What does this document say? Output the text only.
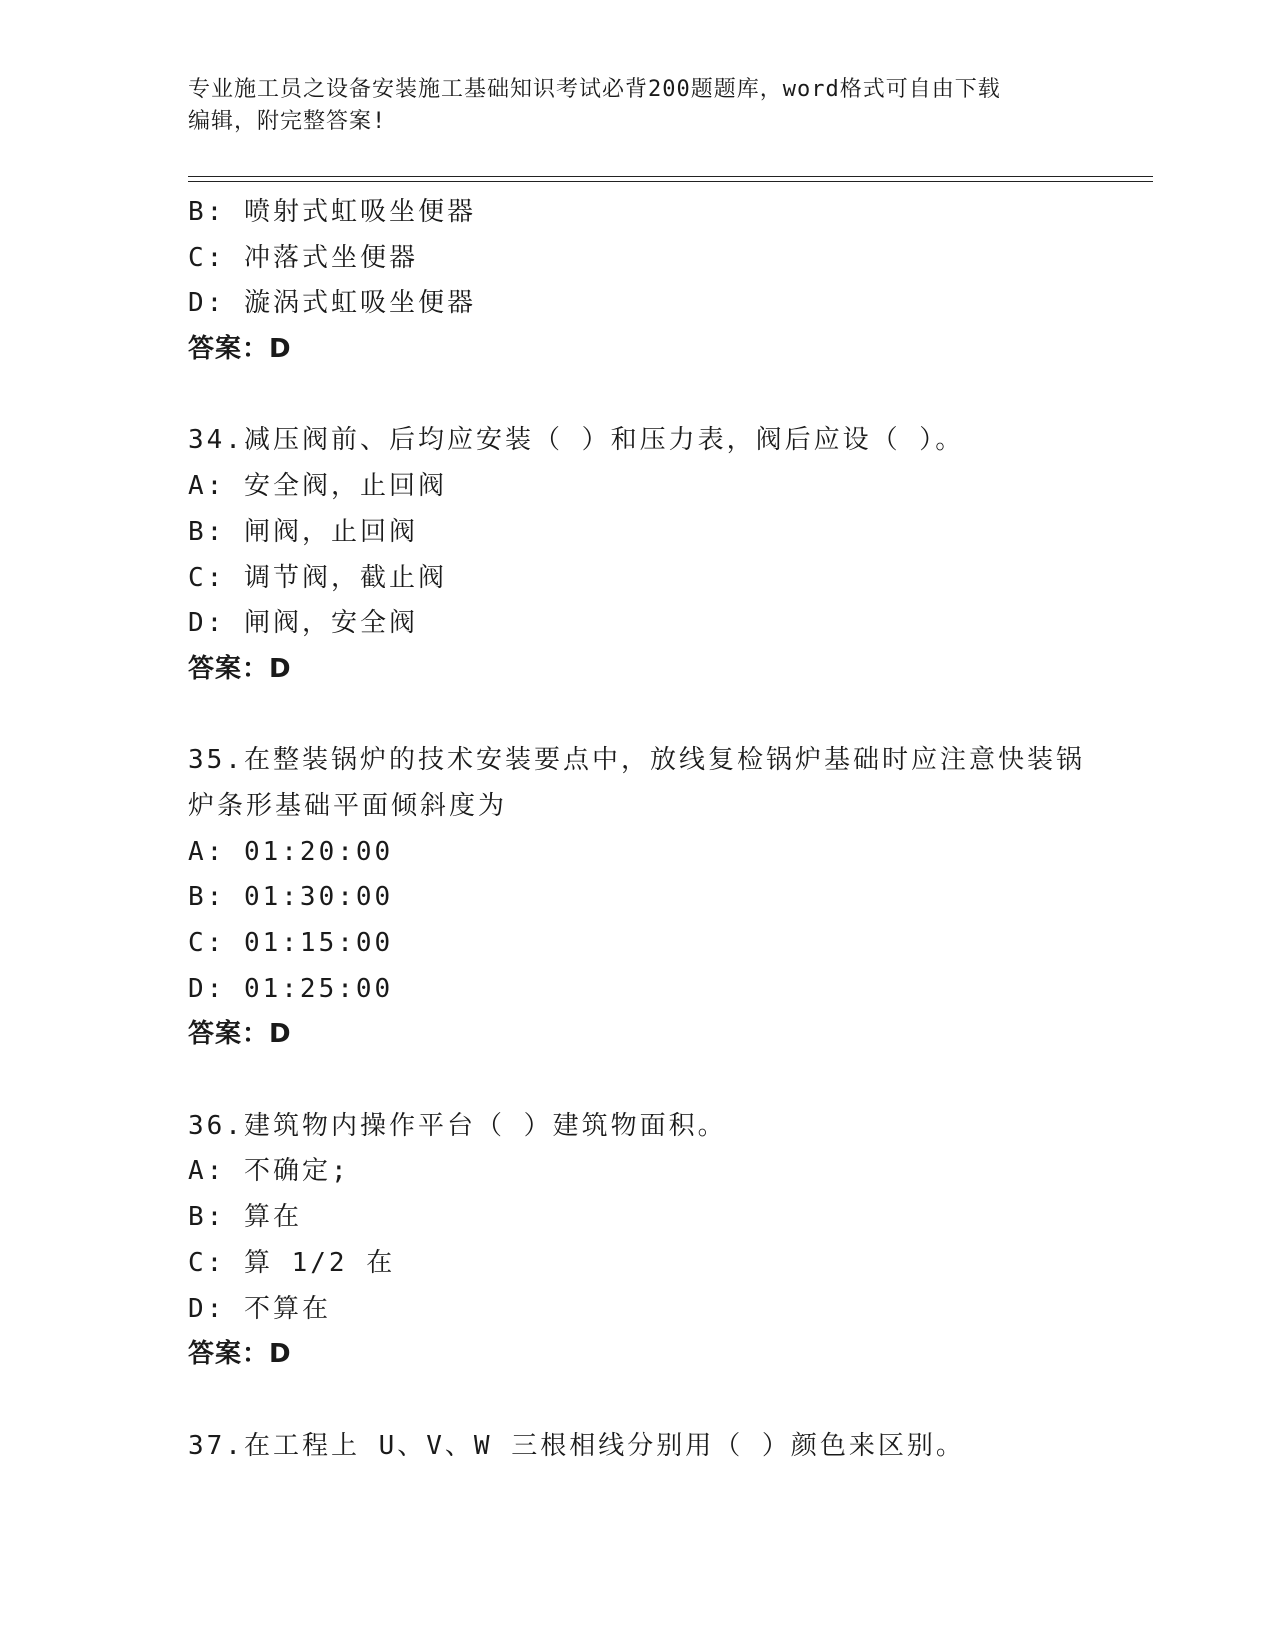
专业施工员之设备安装施工基础知识考试必背200题题库，word格式可自由下载
编辑，附完整答案!
B: 喷射式虹吸坐便器
C: 冲落式坐便器
D: 漩涡式虹吸坐便器
答案：D
34.减压阀前、后均应安装（ ）和压力表，阀后应设（ ）。
A: 安全阀，止回阀
B: 闸阀，止回阀
C: 调节阀，截止阀
D: 闸阀，安全阀
答案：D
35.在整装锅炉的技术安装要点中，放线复检锅炉基础时应注意快装锅
炉条形基础平面倾斜度为
A: 01:20:00
B: 01:30:00
C: 01:15:00
D: 01:25:00
答案：D
36.建筑物内操作平台（ ）建筑物面积。
A: 不确定;
B: 算在
C: 算 1/2 在
D: 不算在
答案：D
37.在工程上 U、V、W 三根相线分别用（ ）颜色来区别。
